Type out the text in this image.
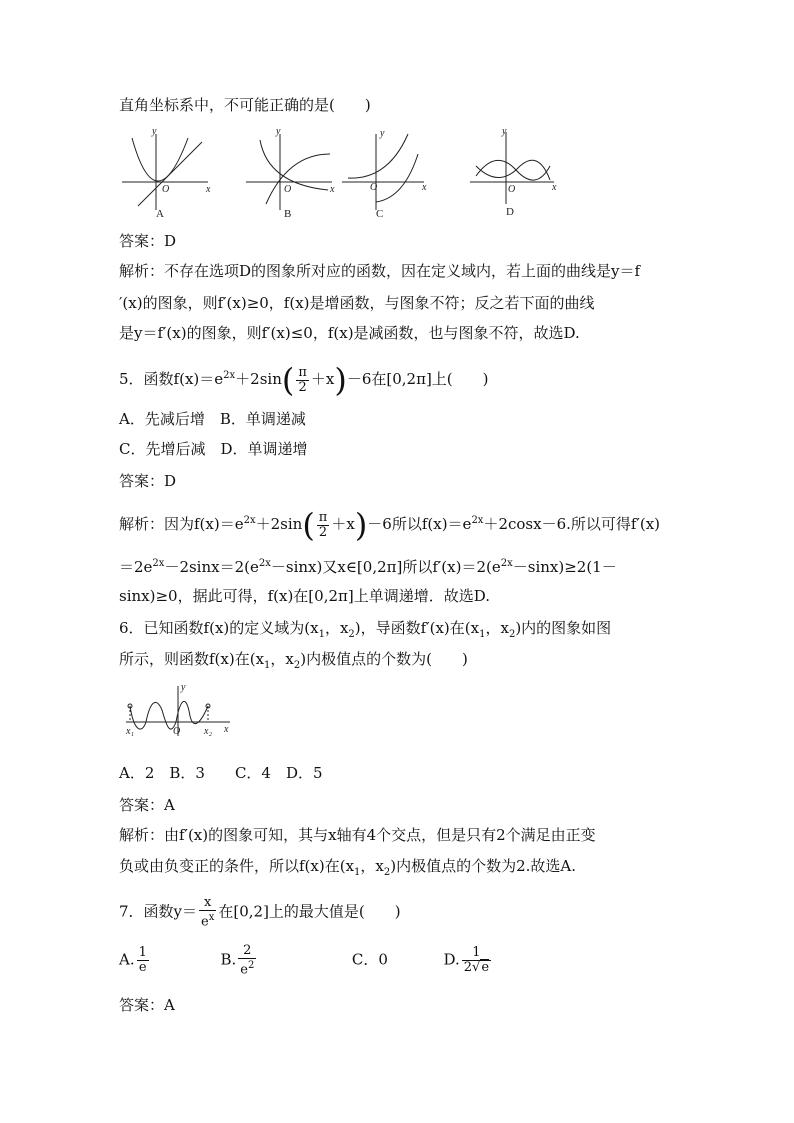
直角坐标系中，不可能正确的是(　　)
y
x
O
y
x
O
y
x
O
y
x
O
A	B	C	D
答案：D
解析：不存在选项D的图象所对应的函数，因在定义域内，若上面的曲线是y＝f
′(x)的图象，则f′(x)≥0，f(x)是增函数，与图象不符；反之若下面的曲线
是y＝f′(x)的图象，则f′(x)≤0，f(x)是减函数，也与图象不符，故选D.
5．函数$f(x)=e^{2x}+2\sin( \frac{\pi}{2} +x)-6$在[0,2π]上(　　)
A．先减后增　B．单调递减
C．先增后减　D．单调递增
答案：D
解析：因为$f(x)=e^{2x}+2\sin( \frac{\pi}{2} +x)-6$所以$f(x)=e^{2x}+2\cos x-6$.所以可得f′(x)
$=2e^{2x}-2\sin x=2(e^{2x}-\sin x)$又x∈[0,2π]所以$f'(x)=2(e^{2x}-\sin x)\ge 2(1-$
sinx)≥0，据此可得，f(x)在[0,2π]上单调递增．故选D.
6．已知函数f(x)的定义域为($x_1$，$x_2$)，导函数f′(x)在($x_1$，$x_2$)内的图象如图
所示，则函数f(x)在($x_1$，$x_2$)内极值点的个数为(　　)
x₁	x₂ x
y
O
A．2　B．3　　C．4　D．5
答案：A
解析：由f′(x)的图象可知，其与x轴有4个交点，但是只有2个满足由正变
负或由负变正的条件，所以f(x)在($x_1$，$x_2$)内极值点的个数为2.故选A.
7．函数$y= \frac{x}{e^x}$ 在[0,2]上的最大值是(　　)
A. $\frac{1}{e}$	B. $\frac{2}{e^2}$	C．0	D. $\frac{1}{2√e}$
答案：A
